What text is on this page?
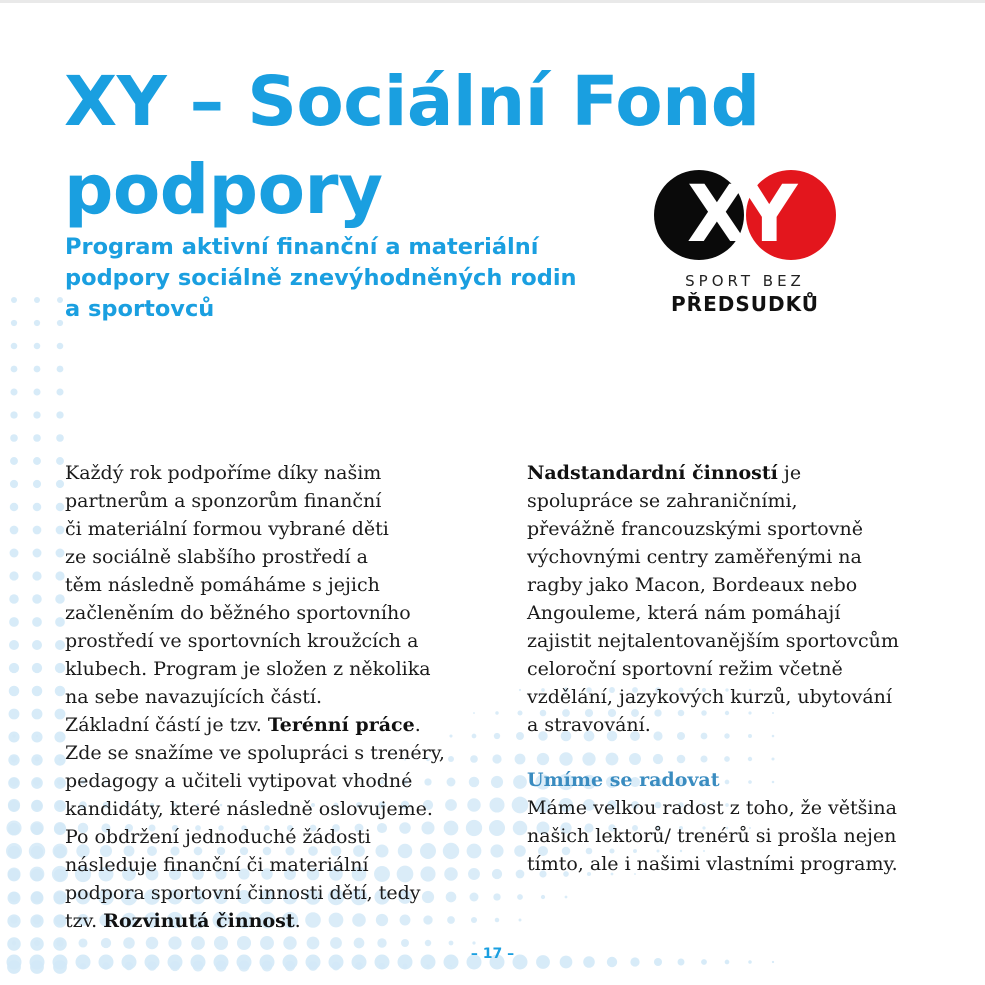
XY – Sociální Fond
podpory
Program aktivní finanční a materiální
podpory sociálně znevýhodněných rodin
a sportovců
X
Y
SPORT BEZ
PŘEDSUDKŮ

Každý rok podpoříme díky našim
partnerům a sponzorům finanční
či materiální formou vybrané děti
ze sociálně slabšího prostředí a
těm následně pomáháme s jejich
začleněním do běžného sportovního
prostředí ve sportovních kroužcích a
klubech. Program je složen z několika
na sebe navazujících částí.
Základní částí je tzv. Terénní práce.
Zde se snažíme ve spolupráci s trenéry,
pedagogy a učiteli vytipovat vhodné
kandidáty, které následně oslovujeme.
Po obdržení jednoduché žádosti
následuje finanční či materiální
podpora sportovní činnosti dětí, tedy
tzv. Rozvinutá činnost.

Nadstandardní činností je
spolupráce se zahraničními,
převážně francouzskými sportovně
výchovnými centry zaměřenými na
ragby jako Macon, Bordeaux nebo
Angouleme, která nám pomáhají
zajistit nejtalentovanějším sportovcům
celoroční sportovní režim včetně
vzdělání, jazykových kurzů, ubytování
a stravování.

Umíme se radovat
Máme velkou radost z toho, že většina
našich lektorů/ trenérů si prošla nejen
tímto, ale i našimi vlastními programy.

– 17 –
